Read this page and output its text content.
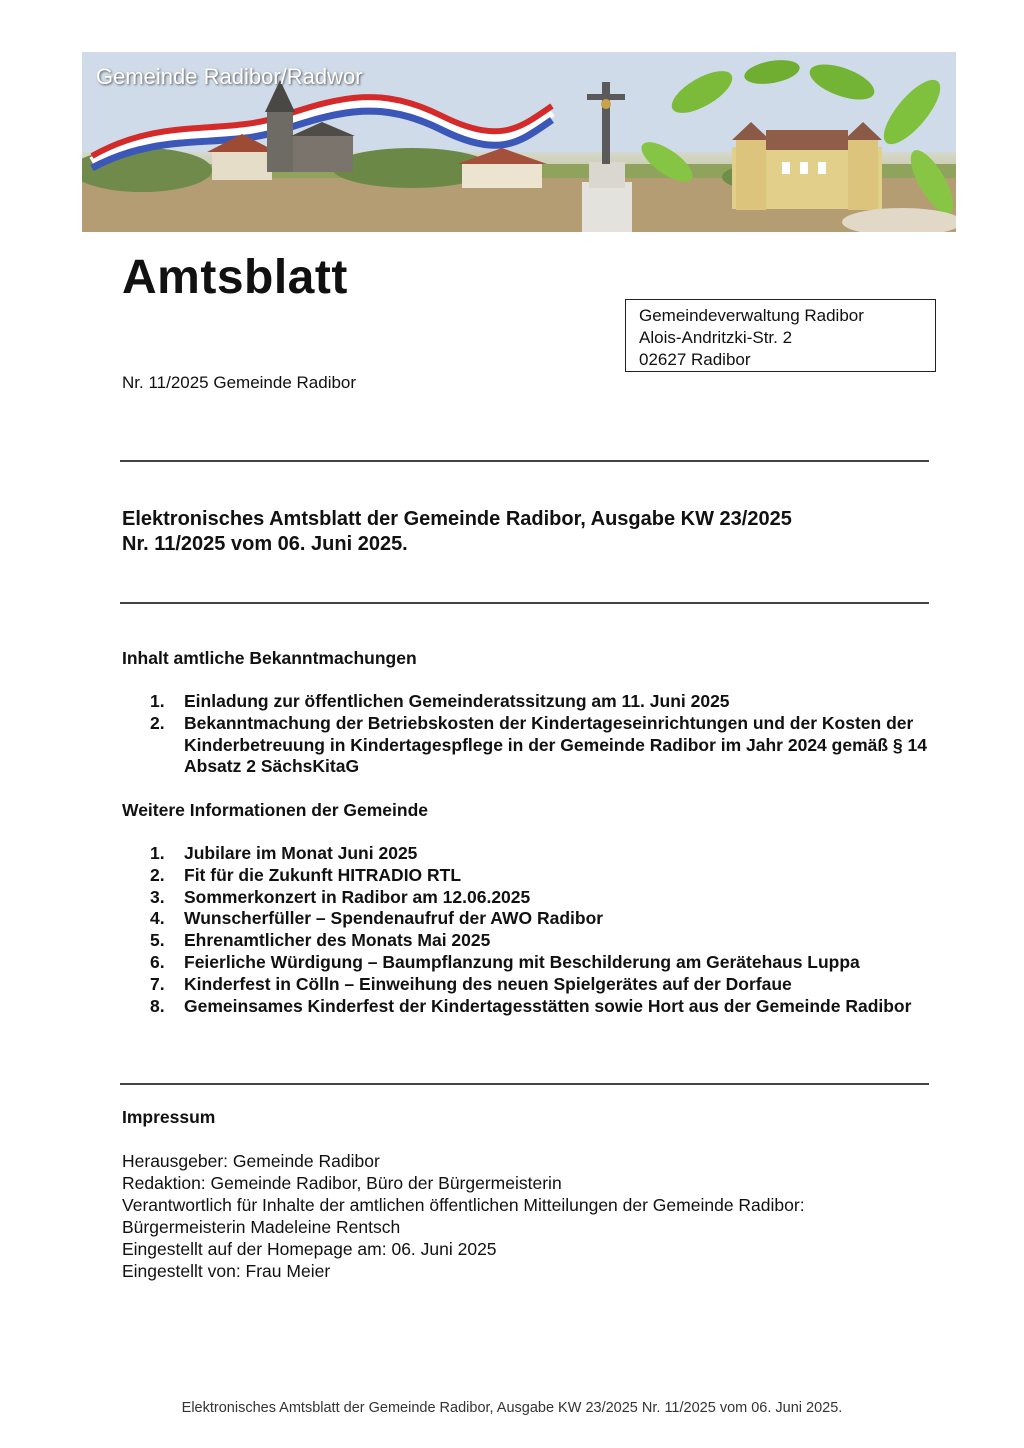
Gemeinde Radibor/Radwor
Amtsblatt
Gemeindeverwaltung Radibor
Alois-Andritzki-Str. 2
02627 Radibor
Nr. 11/2025 Gemeinde Radibor
Elektronisches Amtsblatt der Gemeinde Radibor, Ausgabe KW 23/2025
Nr. 11/2025 vom 06. Juni 2025.
Inhalt amtliche Bekanntmachungen
1.	Einladung zur öffentlichen Gemeinderatssitzung am 11. Juni 2025
2.	Bekanntmachung der Betriebskosten der Kindertageseinrichtungen und der Kosten der Kinderbetreuung in Kindertagespflege in der Gemeinde Radibor im Jahr 2024 gemäß § 14 Absatz 2 SächsKitaG
Weitere Informationen der Gemeinde
1.	Jubilare im Monat Juni 2025
2.	Fit für die Zukunft HITRADIO RTL
3.	Sommerkonzert in Radibor am 12.06.2025
4.	Wunscherfüller – Spendenaufruf der AWO Radibor
5.	Ehrenamtlicher des Monats Mai 2025
6.	Feierliche Würdigung – Baumpflanzung mit Beschilderung am Gerätehaus Luppa
7.	Kinderfest in Cölln – Einweihung des neuen Spielgerätes auf der Dorfaue
8.	Gemeinsames Kinderfest der Kindertagesstätten sowie Hort aus der Gemeinde Radibor
Impressum
Herausgeber: Gemeinde Radibor
Redaktion: Gemeinde Radibor, Büro der Bürgermeisterin
Verantwortlich für Inhalte der amtlichen öffentlichen Mitteilungen der Gemeinde Radibor:
Bürgermeisterin Madeleine Rentsch
Eingestellt auf der Homepage am: 06. Juni 2025
Eingestellt von: Frau Meier
Elektronisches Amtsblatt der Gemeinde Radibor, Ausgabe KW 23/2025 Nr. 11/2025 vom 06. Juni 2025.
